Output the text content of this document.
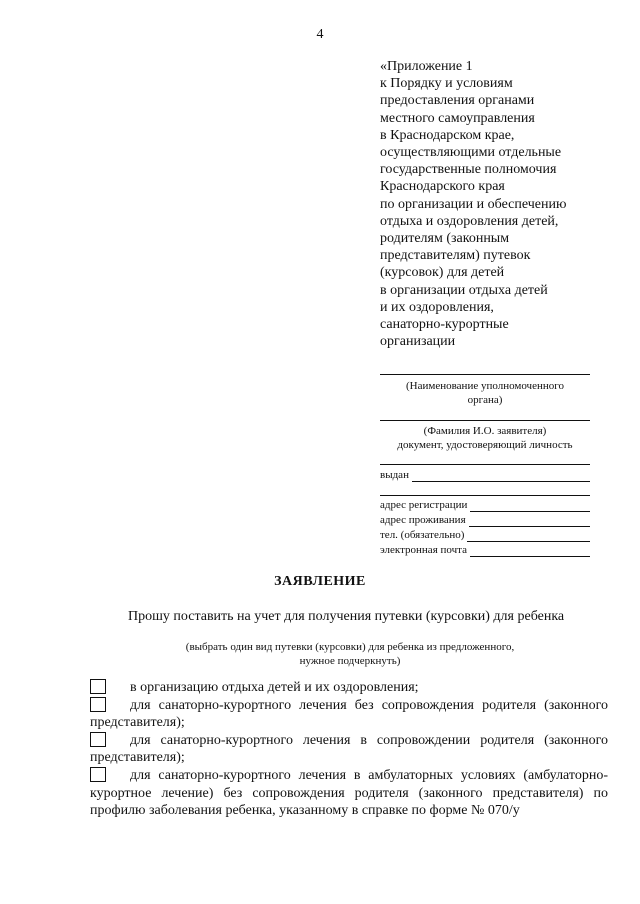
4
«Приложение 1
к Порядку и условиям
предоставления органами
местного самоуправления
в Краснодарском крае,
осуществляющими отдельные
государственные полномочия
Краснодарского края
по организации и обеспечению
отдыха и оздоровления детей,
родителям (законным
представителям) путевок
(курсовок) для детей
в организации отдыха детей
и их оздоровления,
санаторно-курортные
организации
(Наименование уполномоченного
органа)
(Фамилия И.О. заявителя)
документ, удостоверяющий личность
выдан
адрес регистрации
адрес проживания
тел. (обязательно)
электронная почта
ЗАЯВЛЕНИЕ
Прошу поставить на учет для получения путевки (курсовки) для ребенка
(выбрать один вид путевки (курсовки) для ребенка из предложенного,
нужное подчеркнуть)
в организацию отдыха детей и их оздоровления;
для санаторно-курортного лечения без сопровождения родителя (законного представителя);
для санаторно-курортного лечения в сопровождении родителя (законного представителя);
для санаторно-курортного лечения в амбулаторных условиях (амбулаторно-курортное лечение) без сопровождения родителя (законного представителя) по профилю заболевания ребенка, указанному в справке по форме № 070/у
